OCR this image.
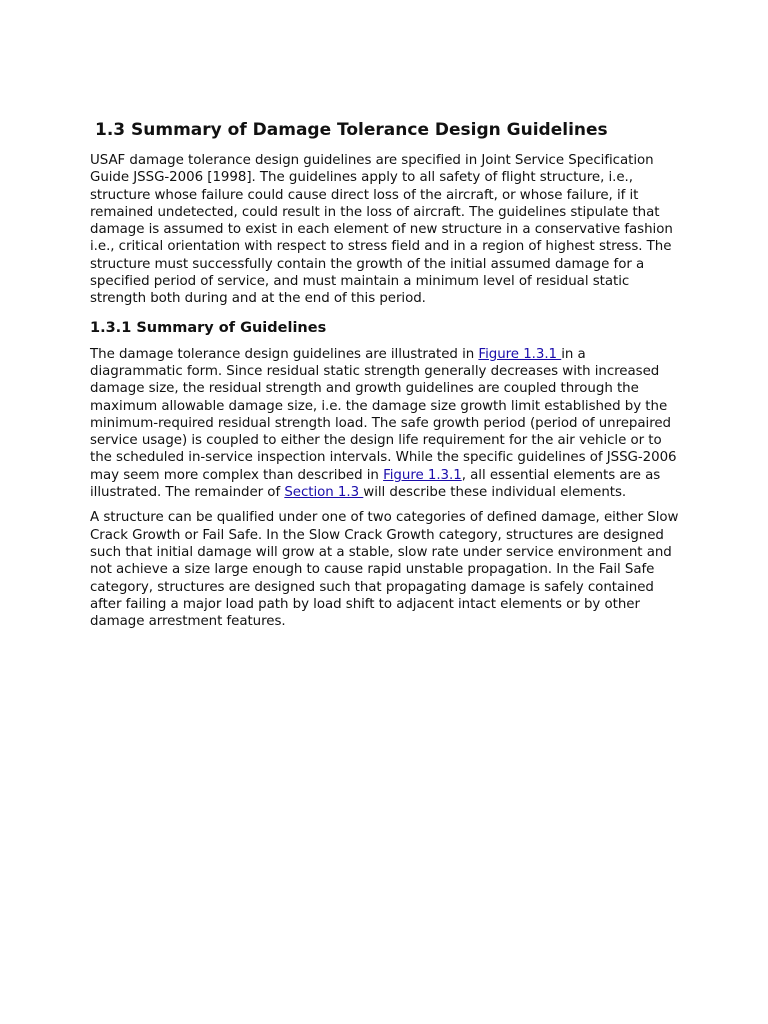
1.3 Summary of Damage Tolerance Design Guidelines

USAF damage tolerance design guidelines are specified in Joint Service Specification Guide JSSG-2006 [1998]. The guidelines apply to all safety of flight structure, i.e., structure whose failure could cause direct loss of the aircraft, or whose failure, if it remained undetected, could result in the loss of aircraft. The guidelines stipulate that damage is assumed to exist in each element of new structure in a conservative fashion i.e., critical orientation with respect to stress field and in a region of highest stress. The structure must successfully contain the growth of the initial assumed damage for a specified period of service, and must maintain a minimum level of residual static strength both during and at the end of this period.

1.3.1 Summary of Guidelines

The damage tolerance design guidelines are illustrated in Figure 1.3.1 in a diagrammatic form. Since residual static strength generally decreases with increased damage size, the residual strength and growth guidelines are coupled through the maximum allowable damage size, i.e. the damage size growth limit established by the minimum-required residual strength load. The safe growth period (period of unrepaired service usage) is coupled to either the design life requirement for the air vehicle or to the scheduled in-service inspection intervals. While the specific guidelines of JSSG-2006 may seem more complex than described in Figure 1.3.1, all essential elements are as illustrated. The remainder of Section 1.3 will describe these individual elements.

A structure can be qualified under one of two categories of defined damage, either Slow Crack Growth or Fail Safe. In the Slow Crack Growth category, structures are designed such that initial damage will grow at a stable, slow rate under service environment and not achieve a size large enough to cause rapid unstable propagation. In the Fail Safe category, structures are designed such that propagating damage is safely contained after failing a major load path by load shift to adjacent intact elements or by other damage arrestment features.
